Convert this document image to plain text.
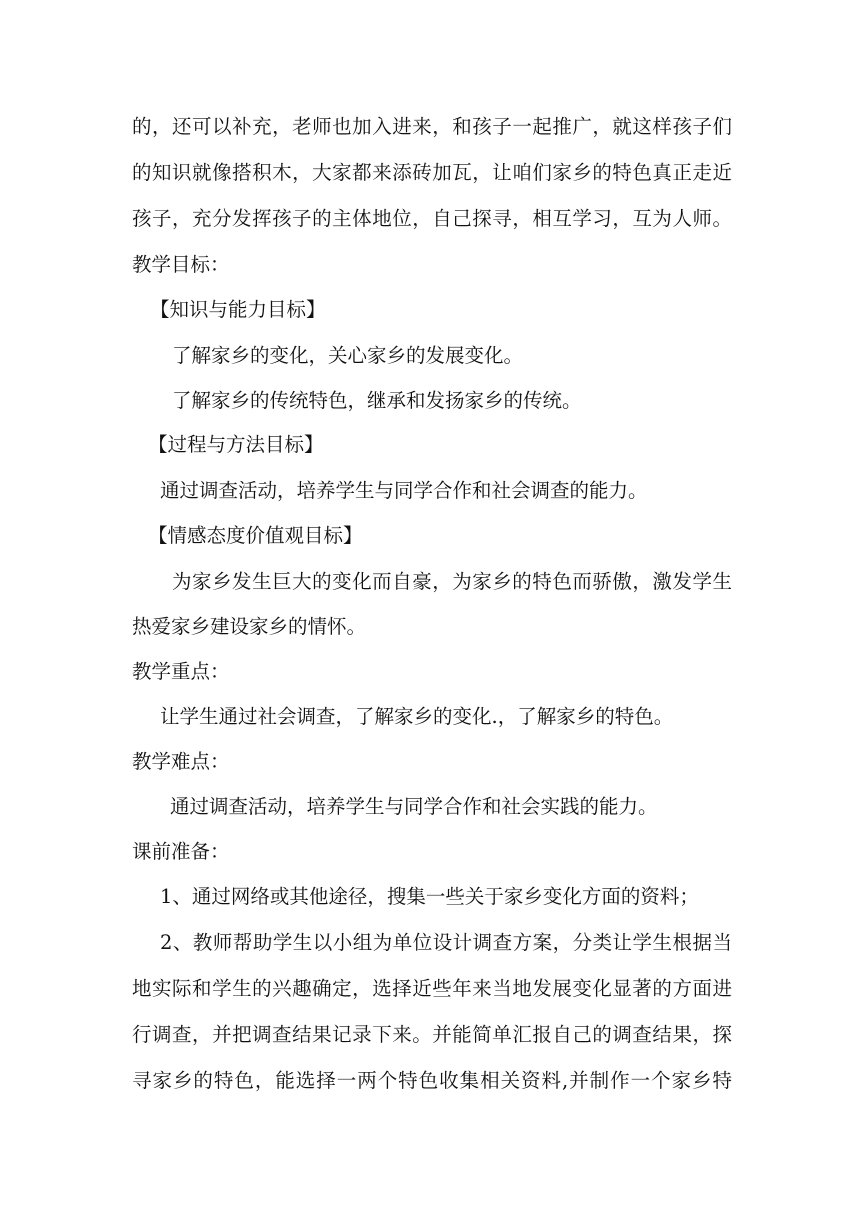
的，还可以补充，老师也加入进来，和孩子一起推广，就这样孩子们
的知识就像搭积木，大家都来添砖加瓦，让咱们家乡的特色真正走近
孩子，充分发挥孩子的主体地位，自己探寻，相互学习，互为人师。
教学目标：
【知识与能力目标】
了解家乡的变化，关心家乡的发展变化。
了解家乡的传统特色，继承和发扬家乡的传统。
【过程与方法目标】
通过调查活动，培养学生与同学合作和社会调查的能力。
【情感态度价值观目标】
为家乡发生巨大的变化而自豪，为家乡的特色而骄傲，激发学生
热爱家乡建设家乡的情怀。
教学重点：
让学生通过社会调查，了解家乡的变化.，了解家乡的特色。
教学难点：
通过调查活动，培养学生与同学合作和社会实践的能力。
课前准备：
1、通过网络或其他途径，搜集一些关于家乡变化方面的资料；
2、教师帮助学生以小组为单位设计调查方案，分类让学生根据当
地实际和学生的兴趣确定，选择近些年来当地发展变化显著的方面进
行调查，并把调查结果记录下来。并能简单汇报自己的调查结果，探
寻家乡的特色，能选择一两个特色收集相关资料,并制作一个家乡特
